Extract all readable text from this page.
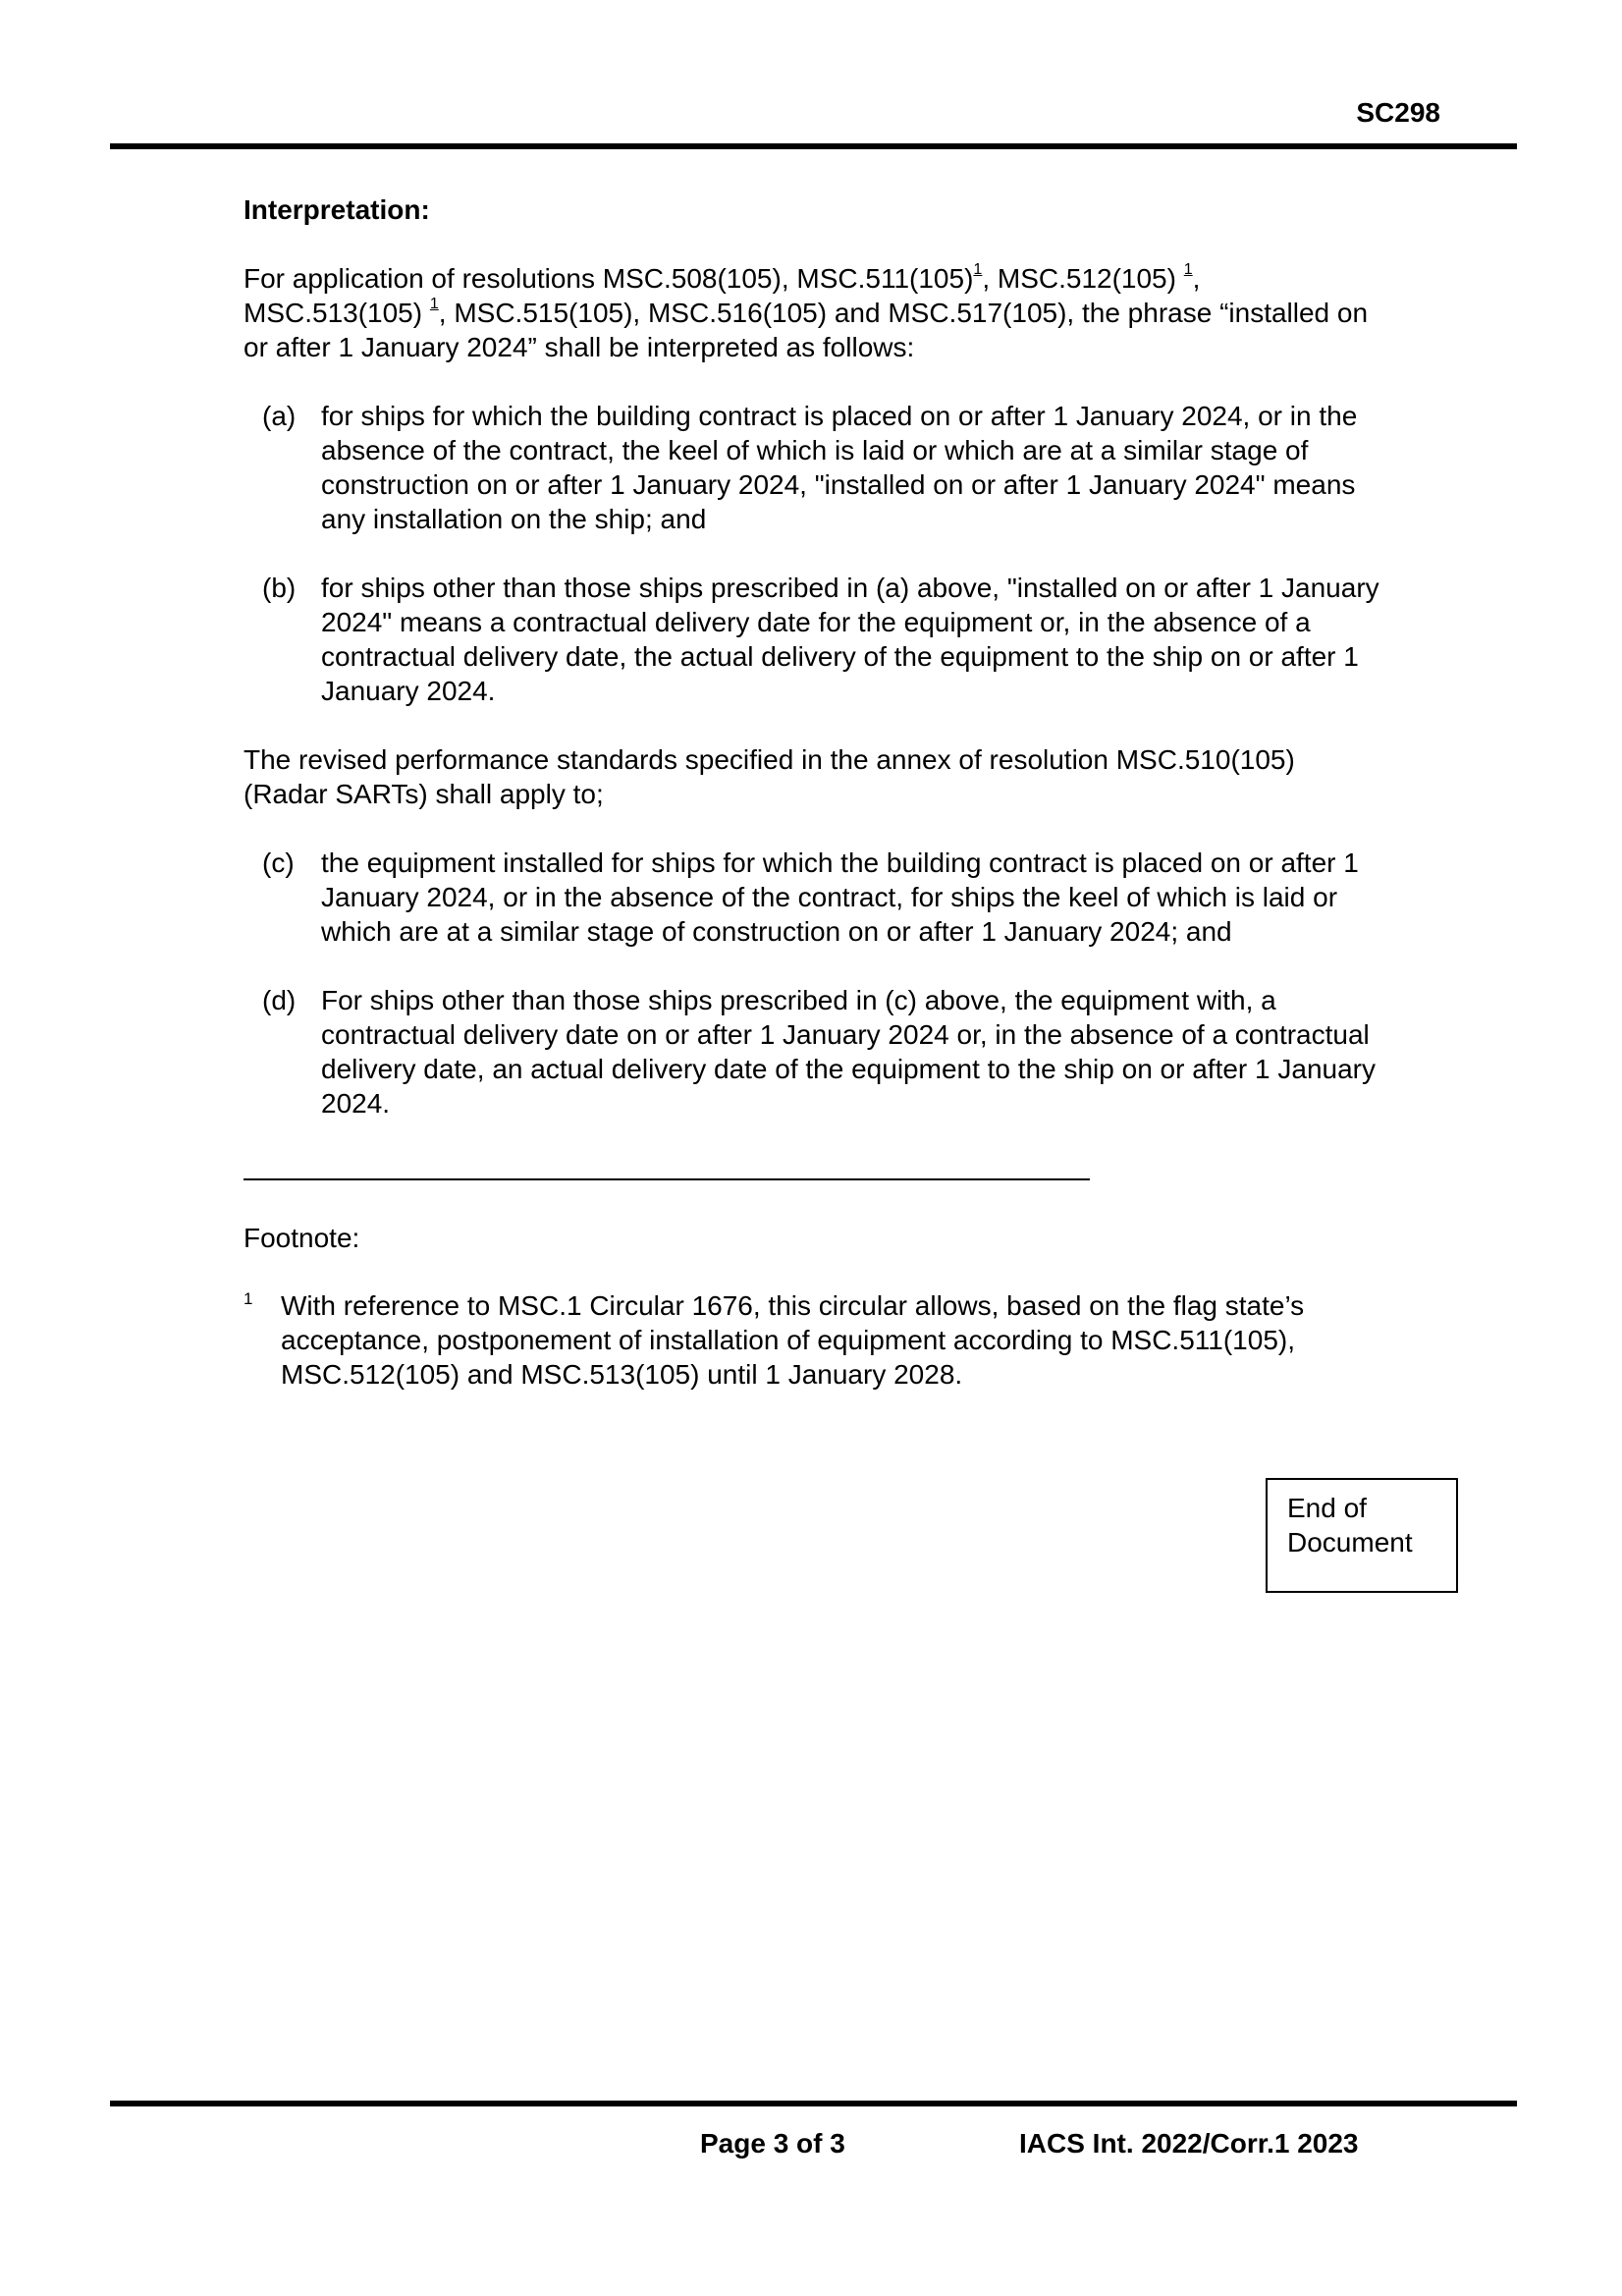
SC298
Interpretation:
For application of resolutions MSC.508(105), MSC.511(105)$^1$, MSC.512(105) $^1$,
MSC.513(105) $^1$, MSC.515(105), MSC.516(105) and MSC.517(105), the phrase “installed on
or after 1 January 2024” shall be interpreted as follows:
(a) for ships for which the building contract is placed on or after 1 January 2024, or in the
absence of the contract, the keel of which is laid or which are at a similar stage of
construction on or after 1 January 2024, "installed on or after 1 January 2024" means
any installation on the ship; and
(b) for ships other than those ships prescribed in (a) above, "installed on or after 1 January
2024" means a contractual delivery date for the equipment or, in the absence of a
contractual delivery date, the actual delivery of the equipment to the ship on or after 1
January 2024.
The revised performance standards specified in the annex of resolution MSC.510(105)
(Radar SARTs) shall apply to;
(c) the equipment installed for ships for which the building contract is placed on or after 1
January 2024, or in the absence of the contract, for ships the keel of which is laid or
which are at a similar stage of construction on or after 1 January 2024; and
(d) For ships other than those ships prescribed in (c) above, the equipment with, a
contractual delivery date on or after 1 January 2024 or, in the absence of a contractual
delivery date, an actual delivery date of the equipment to the ship on or after 1 January
2024.
Footnote:
1	With reference to MSC.1 Circular 1676, this circular allows, based on the flag state’s
acceptance, postponement of installation of equipment according to MSC.511(105),
MSC.512(105) and MSC.513(105) until 1 January 2028.
End of
Document
Page 3 of 3	IACS Int. 2022/Corr.1 2023
